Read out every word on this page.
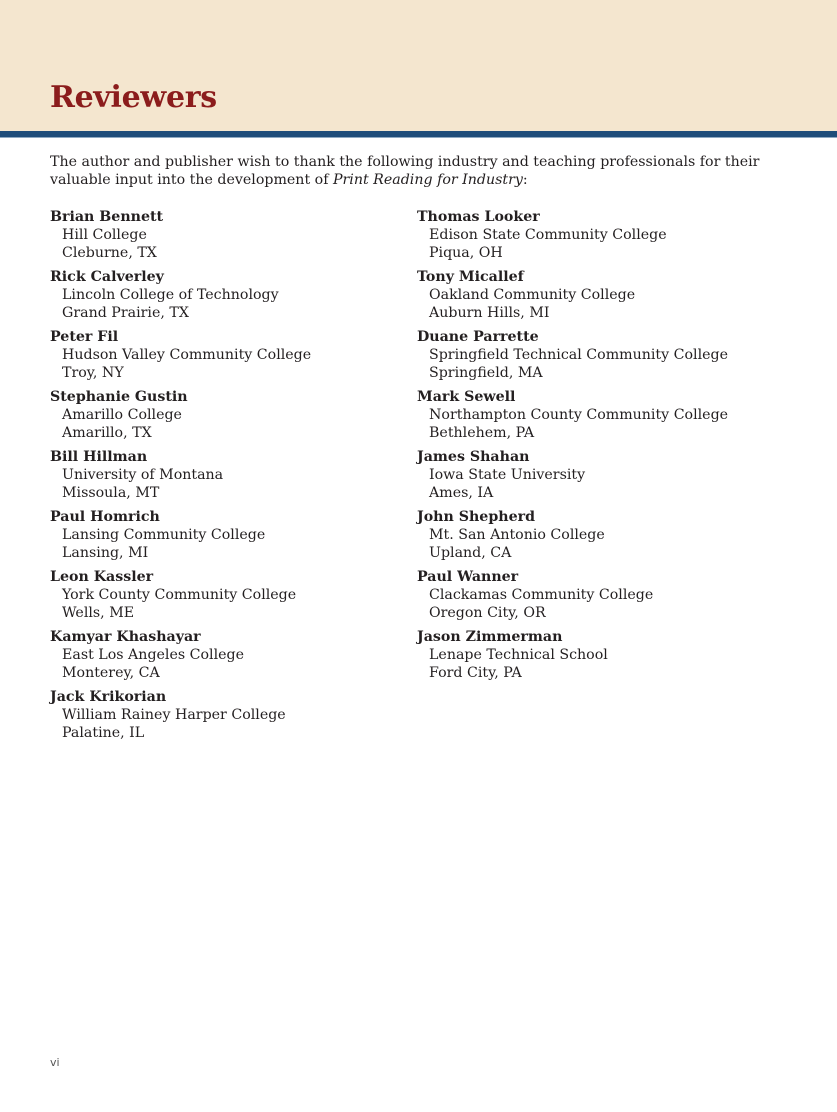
Reviewers

The author and publisher wish to thank the following industry and teaching professionals for their valuable input into the development of Print Reading for Industry:

Brian Bennett
Hill College
Cleburne, TX
Rick Calverley
Lincoln College of Technology
Grand Prairie, TX
Peter Fil
Hudson Valley Community College
Troy, NY
Stephanie Gustin
Amarillo College
Amarillo, TX
Bill Hillman
University of Montana
Missoula, MT
Paul Homrich
Lansing Community College
Lansing, MI
Leon Kassler
York County Community College
Wells, ME
Kamyar Khashayar
East Los Angeles College
Monterey, CA
Jack Krikorian
William Rainey Harper College
Palatine, IL
Thomas Looker
Edison State Community College
Piqua, OH
Tony Micallef
Oakland Community College
Auburn Hills, MI
Duane Parrette
Springfield Technical Community College
Springfield, MA
Mark Sewell
Northampton County Community College
Bethlehem, PA
James Shahan
Iowa State University
Ames, IA
John Shepherd
Mt. San Antonio College
Upland, CA
Paul Wanner
Clackamas Community College
Oregon City, OR
Jason Zimmerman
Lenape Technical School
Ford City, PA
vi
